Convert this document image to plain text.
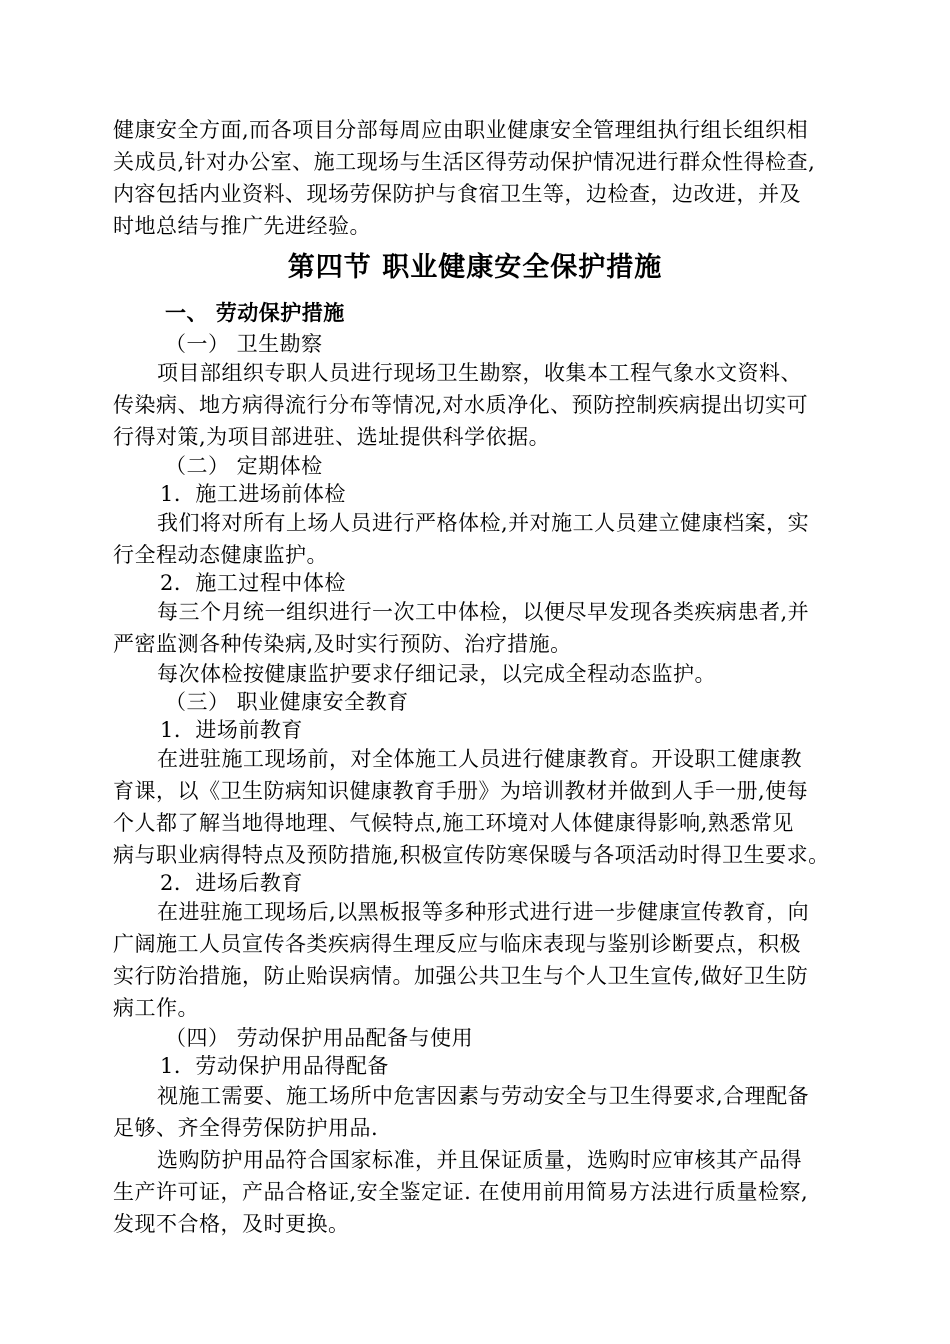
健康安全方面,而各项目分部每周应由职业健康安全管理组执行组长组织相
关成员,针对办公室、施工现场与生活区得劳动保护情况进行群众性得检查,
内容包括内业资料、现场劳保防护与食宿卫生等，边检查，边改进，并及
时地总结与推广先进经验。
第四节 职业健康安全保护措施
一、 劳动保护措施
（一） 卫生勘察
项目部组织专职人员进行现场卫生勘察，收集本工程气象水文资料、
传染病、地方病得流行分布等情况,对水质净化、预防控制疾病提出切实可
行得对策,为项目部进驻、选址提供科学依据。
（二） 定期体检
1．施工进场前体检
我们将对所有上场人员进行严格体检,并对施工人员建立健康档案，实
行全程动态健康监护。
2．施工过程中体检
每三个月统一组织进行一次工中体检，以便尽早发现各类疾病患者,并
严密监测各种传染病,及时实行预防、治疗措施。
每次体检按健康监护要求仔细记录，以完成全程动态监护。
（三） 职业健康安全教育
1．进场前教育
在进驻施工现场前，对全体施工人员进行健康教育。开设职工健康教
育课，以《卫生防病知识健康教育手册》为培训教材并做到人手一册,使每
个人都了解当地得地理、气候特点,施工环境对人体健康得影响,熟悉常见
病与职业病得特点及预防措施,积极宣传防寒保暖与各项活动时得卫生要求。
2．进场后教育
在进驻施工现场后,以黑板报等多种形式进行进一步健康宣传教育，向
广阔施工人员宣传各类疾病得生理反应与临床表现与鉴别诊断要点，积极
实行防治措施，防止贻误病情。加强公共卫生与个人卫生宣传,做好卫生防
病工作。
（四） 劳动保护用品配备与使用
1．劳动保护用品得配备
视施工需要、施工场所中危害因素与劳动安全与卫生得要求,合理配备
足够、齐全得劳保防护用品.
选购防护用品符合国家标准，并且保证质量，选购时应审核其产品得
生产许可证，产品合格证,安全鉴定证. 在使用前用简易方法进行质量检察,
发现不合格，及时更换。
